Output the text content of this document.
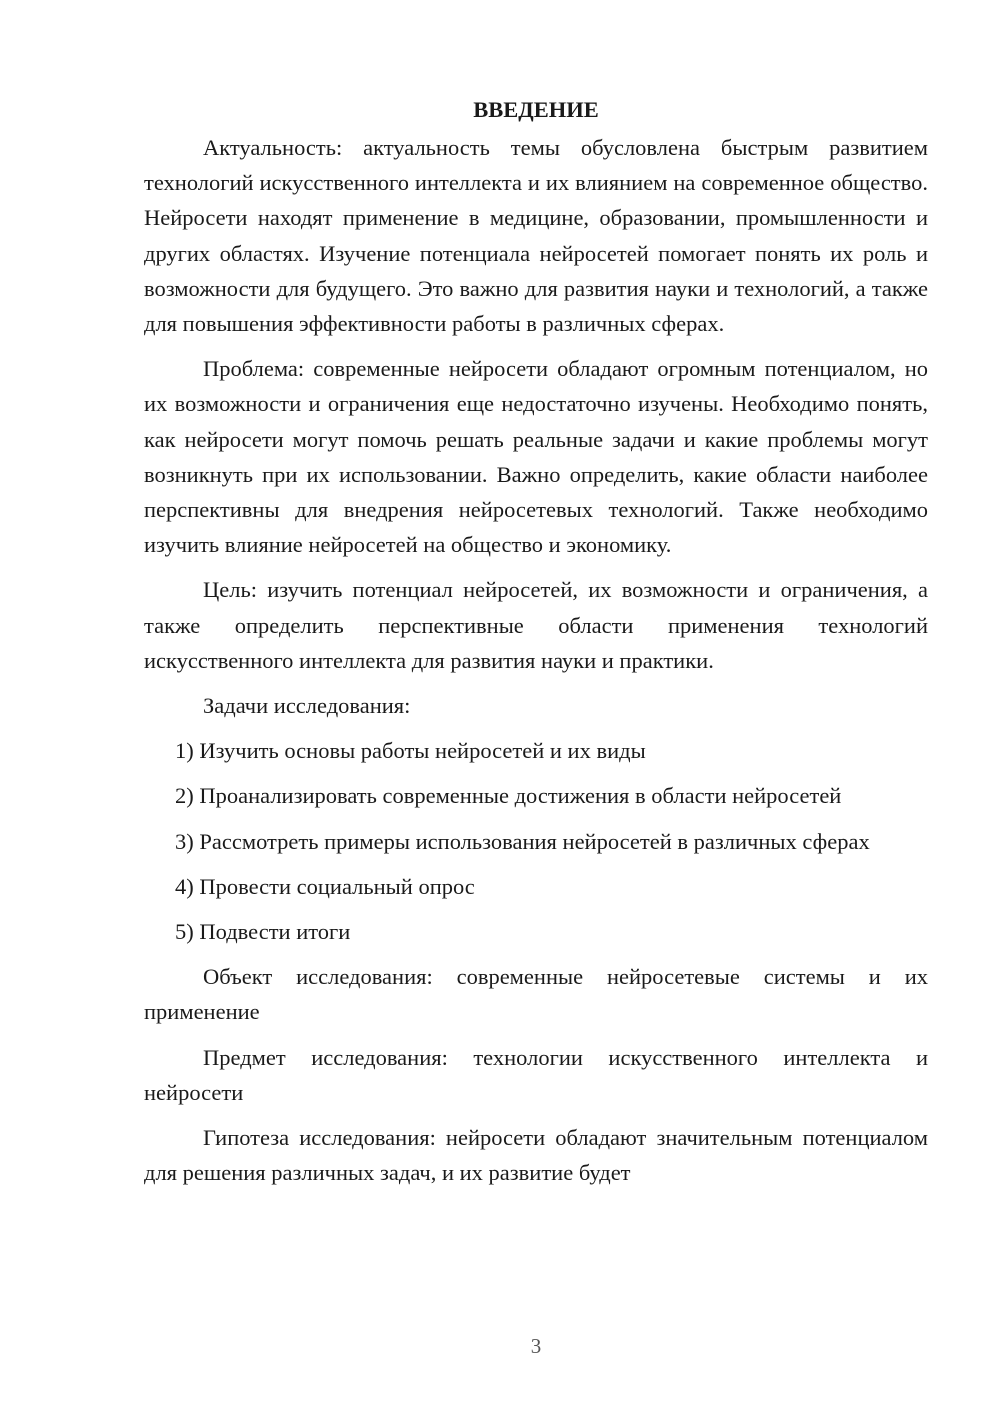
ВВЕДЕНИЕ

Актуальность: актуальность темы обусловлена быстрым развитием технологий искусственного интеллекта и их влиянием на современное общество. Нейросети находят применение в медицине, образовании, промышленности и других областях. Изучение потенциала нейросетей помогает понять их роль и возможности для будущего. Это важно для развития науки и технологий, а также для повышения эффективности работы в различных сферах.

Проблема: современные нейросети обладают огромным потенциалом, но их возможности и ограничения еще недостаточно изучены. Необходимо понять, как нейросети могут помочь решать реальные задачи и какие проблемы могут возникнуть при их использовании. Важно определить, какие области наиболее перспективны для внедрения нейросетевых технологий. Также необходимо изучить влияние нейросетей на общество и экономику.

Цель: изучить потенциал нейросетей, их возможности и ограничения, а также определить перспективные области применения технологий искусственного интеллекта для развития науки и практики.

Задачи исследования:

1) Изучить основы работы нейросетей и их виды

2) Проанализировать современные достижения в области нейросетей

3) Рассмотреть примеры использования нейросетей в различных сферах

4) Провести социальный опрос

5) Подвести итоги

Объект исследования: современные нейросетевые системы и их применение

Предмет исследования: технологии искусственного интеллекта и нейросети

Гипотеза исследования: нейросети обладают значительным потенциалом для решения различных задач, и их развитие будет

3
